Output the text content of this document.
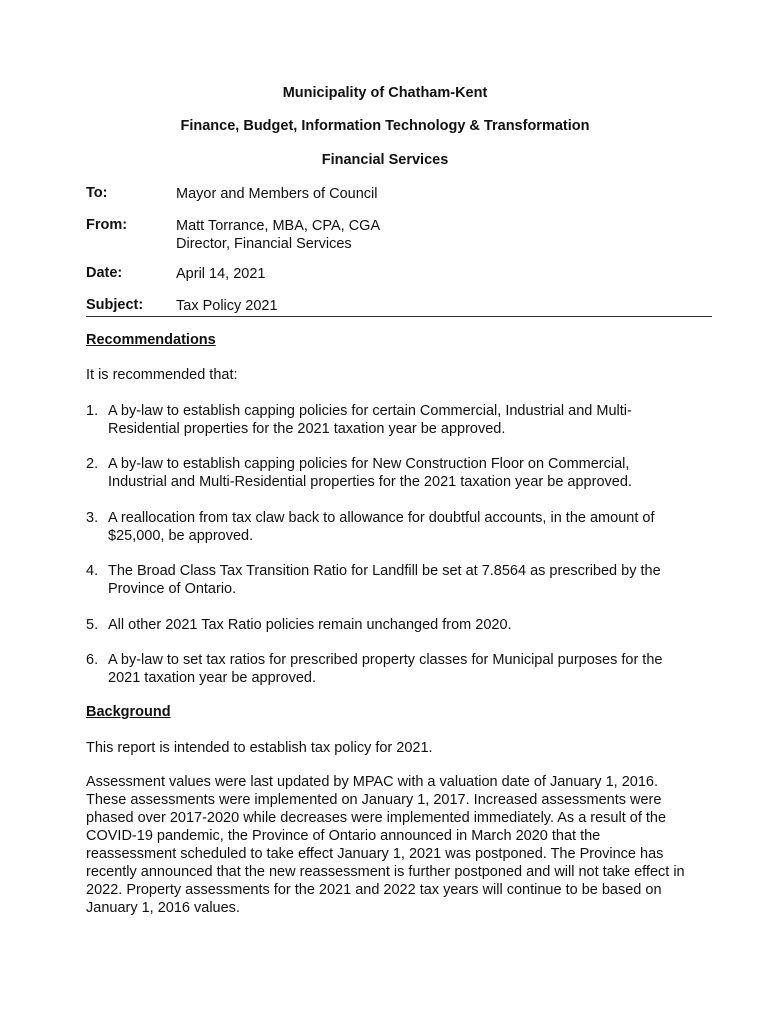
Municipality of Chatham-Kent
Finance, Budget, Information Technology & Transformation
Financial Services
To:	Mayor and Members of Council
From:	Matt Torrance, MBA, CPA, CGA
Director, Financial Services
Date:	April 14, 2021
Subject: Tax Policy 2021
Recommendations
It is recommended that:
1. A by-law to establish capping policies for certain Commercial, Industrial and Multi-
Residential properties for the 2021 taxation year be approved.
2. A by-law to establish capping policies for New Construction Floor on Commercial,
Industrial and Multi-Residential properties for the 2021 taxation year be approved.
3. A reallocation from tax claw back to allowance for doubtful accounts, in the amount of
$25,000, be approved.
4. The Broad Class Tax Transition Ratio for Landfill be set at 7.8564 as prescribed by the
Province of Ontario.
5. All other 2021 Tax Ratio policies remain unchanged from 2020.
6. A by-law to set tax ratios for prescribed property classes for Municipal purposes for the
2021 taxation year be approved.
Background
This report is intended to establish tax policy for 2021.
Assessment values were last updated by MPAC with a valuation date of January 1, 2016.
These assessments were implemented on January 1, 2017. Increased assessments were
phased over 2017-2020 while decreases were implemented immediately. As a result of the
COVID-19 pandemic, the Province of Ontario announced in March 2020 that the
reassessment scheduled to take effect January 1, 2021 was postponed. The Province has
recently announced that the new reassessment is further postponed and will not take effect in
2022. Property assessments for the 2021 and 2022 tax years will continue to be based on
January 1, 2016 values.
